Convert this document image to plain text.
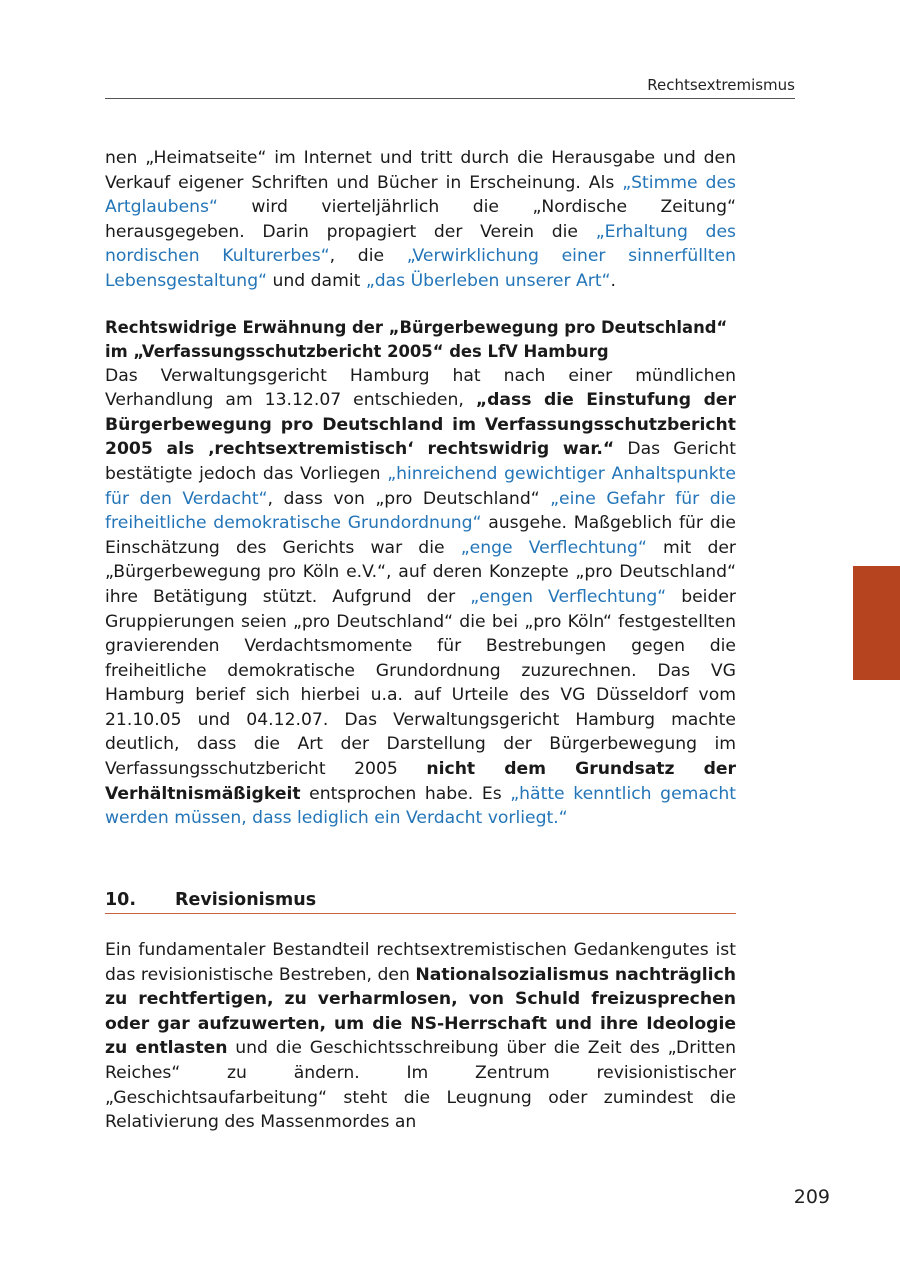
Rechtsextremismus

nen „Heimatseite“ im Internet und tritt durch die Herausgabe und den Verkauf eigener Schriften und Bücher in Erscheinung. Als „Stimme des Artglaubens“ wird vierteljährlich die „Nordische Zeitung“ herausgegeben. Darin propagiert der Verein die „Erhaltung des nordischen Kulturerbes“, die „Verwirklichung einer sinnerfüllten Lebensgestaltung“ und damit „das Überleben unserer Art“.

Rechtswidrige Erwähnung der „Bürgerbewegung pro Deutschland“ im „Verfassungsschutzbericht 2005“ des LfV Hamburg

Das Verwaltungsgericht Hamburg hat nach einer mündlichen Verhandlung am 13.12.07 entschieden, „dass die Einstufung der Bürgerbewegung pro Deutschland im Verfassungsschutzbericht 2005 als ‚rechtsextremistisch‘ rechtswidrig war.“ Das Gericht bestätigte jedoch das Vorliegen „hinreichend gewichtiger Anhaltspunkte für den Verdacht“, dass von „pro Deutschland“ „eine Gefahr für die freiheitliche demokratische Grundordnung“ ausgehe. Maßgeblich für die Einschätzung des Gerichts war die „enge Verflechtung“ mit der „Bürgerbewegung pro Köln e.V.“, auf deren Konzepte „pro Deutschland“ ihre Betätigung stützt. Aufgrund der „engen Verflechtung“ beider Gruppierungen seien „pro Deutschland“ die bei „pro Köln“ festgestellten gravierenden Verdachtsmomente für Bestrebungen gegen die freiheitliche demokratische Grundordnung zuzurechnen. Das VG Hamburg berief sich hierbei u.a. auf Urteile des VG Düsseldorf vom 21.10.05 und 04.12.07. Das Verwaltungsgericht Hamburg machte deutlich, dass die Art der Darstellung der Bürgerbewegung im Verfassungsschutzbericht 2005 nicht dem Grundsatz der Verhältnismäßigkeit entsprochen habe. Es „hätte kenntlich gemacht werden müssen, dass lediglich ein Verdacht vorliegt.“

10. Revisionismus

Ein fundamentaler Bestandteil rechtsextremistischen Gedankengutes ist das revisionistische Bestreben, den Nationalsozialismus nachträglich zu rechtfertigen, zu verharmlosen, von Schuld freizusprechen oder gar aufzuwerten, um die NS-Herrschaft und ihre Ideologie zu entlasten und die Geschichtsschreibung über die Zeit des „Dritten Reiches“ zu ändern. Im Zentrum revisionistischer „Geschichtsaufarbeitung“ steht die Leugnung oder zumindest die Relativierung des Massenmordes an

209
